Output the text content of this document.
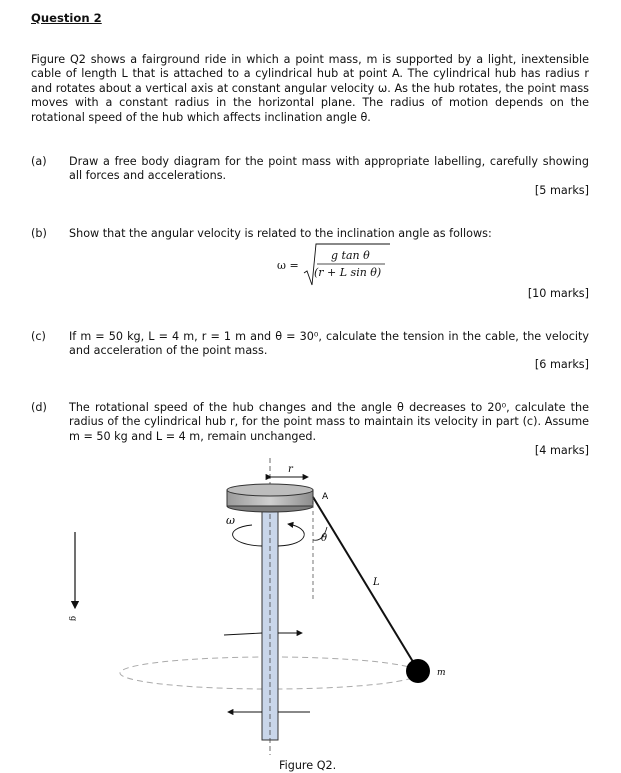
Question 2
Figure Q2 shows a fairground ride in which a point mass, m is supported by a light, inextensible cable of length L that is attached to a cylindrical hub at point A. The cylindrical hub has radius r and rotates about a vertical axis at constant angular velocity ω. As the hub rotates, the point mass moves with a constant radius in the horizontal plane. The radius of motion depends on the rotational speed of the hub which affects inclination angle θ.
(a) Draw a free body diagram for the point mass with appropriate labelling, carefully showing all forces and accelerations.
[5 marks]
(b) Show that the angular velocity is related to the inclination angle as follows:
ω =
g tan θ
(r + L sin θ)
[10 marks]
(c) If m = 50 kg, L = 4 m, r = 1 m and θ = 30⁰, calculate the tension in the cable, the velocity and acceleration of the point mass.
[6 marks]
(d) The rotational speed of the hub changes and the angle θ decreases to 20⁰, calculate the radius of the cylindrical hub r, for the point mass to maintain its velocity in part (c). Assume m = 50 kg and L = 4 m, remain unchanged.
[4 marks]
r
A
θ
L
m
ω
g
Figure Q2.
